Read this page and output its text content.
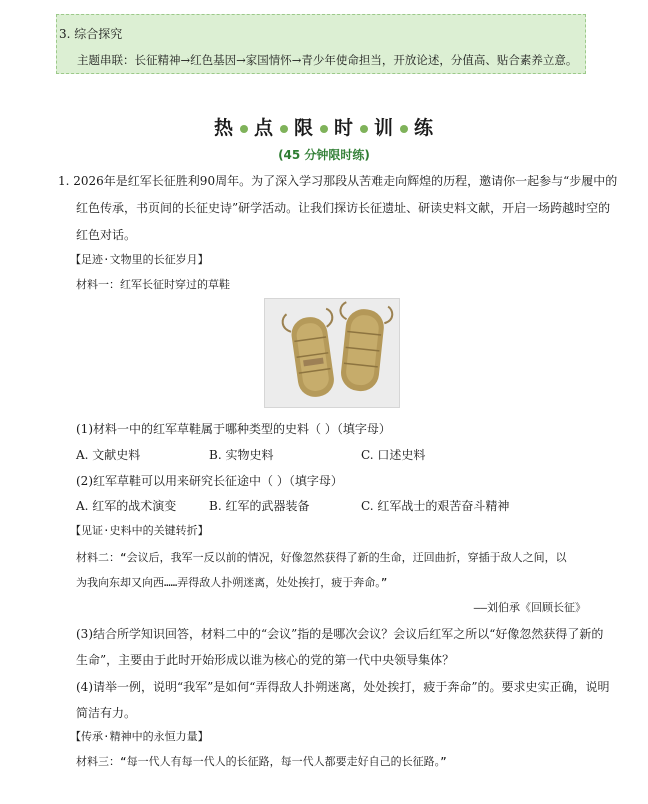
3. 综合探究
主题串联：长征精神→红色基因→家国情怀→青少年使命担当，开放论述，分值高、贴合素养立意。
热 点 限 时 训 练
(45 分钟限时练)
1. 2026年是红军长征胜利90周年。为了深入学习那段从苦难走向辉煌的历程，邀请你一起参与“步履中的
红色传承，书页间的长征史诗”研学活动。让我们探访长征遗址、研读史料文献，开启一场跨越时空的
红色对话。
【足迹·文物里的长征岁月】
材料一：红军长征时穿过的草鞋
(1)材料一中的红军草鞋属于哪种类型的史料（ ）（填字母）
A. 文献史料	B. 实物史料	C. 口述史料
(2)红军草鞋可以用来研究长征途中（ ）（填字母）
A. 红军的战术演变	B. 红军的武器装备	C. 红军战士的艰苦奋斗精神
【见证·史料中的关键转折】
材料二：“会议后，我军一反以前的情况，好像忽然获得了新的生命，迂回曲折，穿插于敌人之间，以
为我向东却又向西……弄得敌人扑朔迷离，处处挨打，疲于奔命。”
——刘伯承《回顾长征》
(3)结合所学知识回答，材料二中的“会议”指的是哪次会议？会议后红军之所以“好像忽然获得了新的
生命”，主要由于此时开始形成以谁为核心的党的第一代中央领导集体？
(4)请举一例，说明“我军”是如何“弄得敌人扑朔迷离，处处挨打，疲于奔命”的。要求史实正确，说明
简洁有力。
【传承·精神中的永恒力量】
材料三：“每一代人有每一代人的长征路，每一代人都要走好自己的长征路。”
